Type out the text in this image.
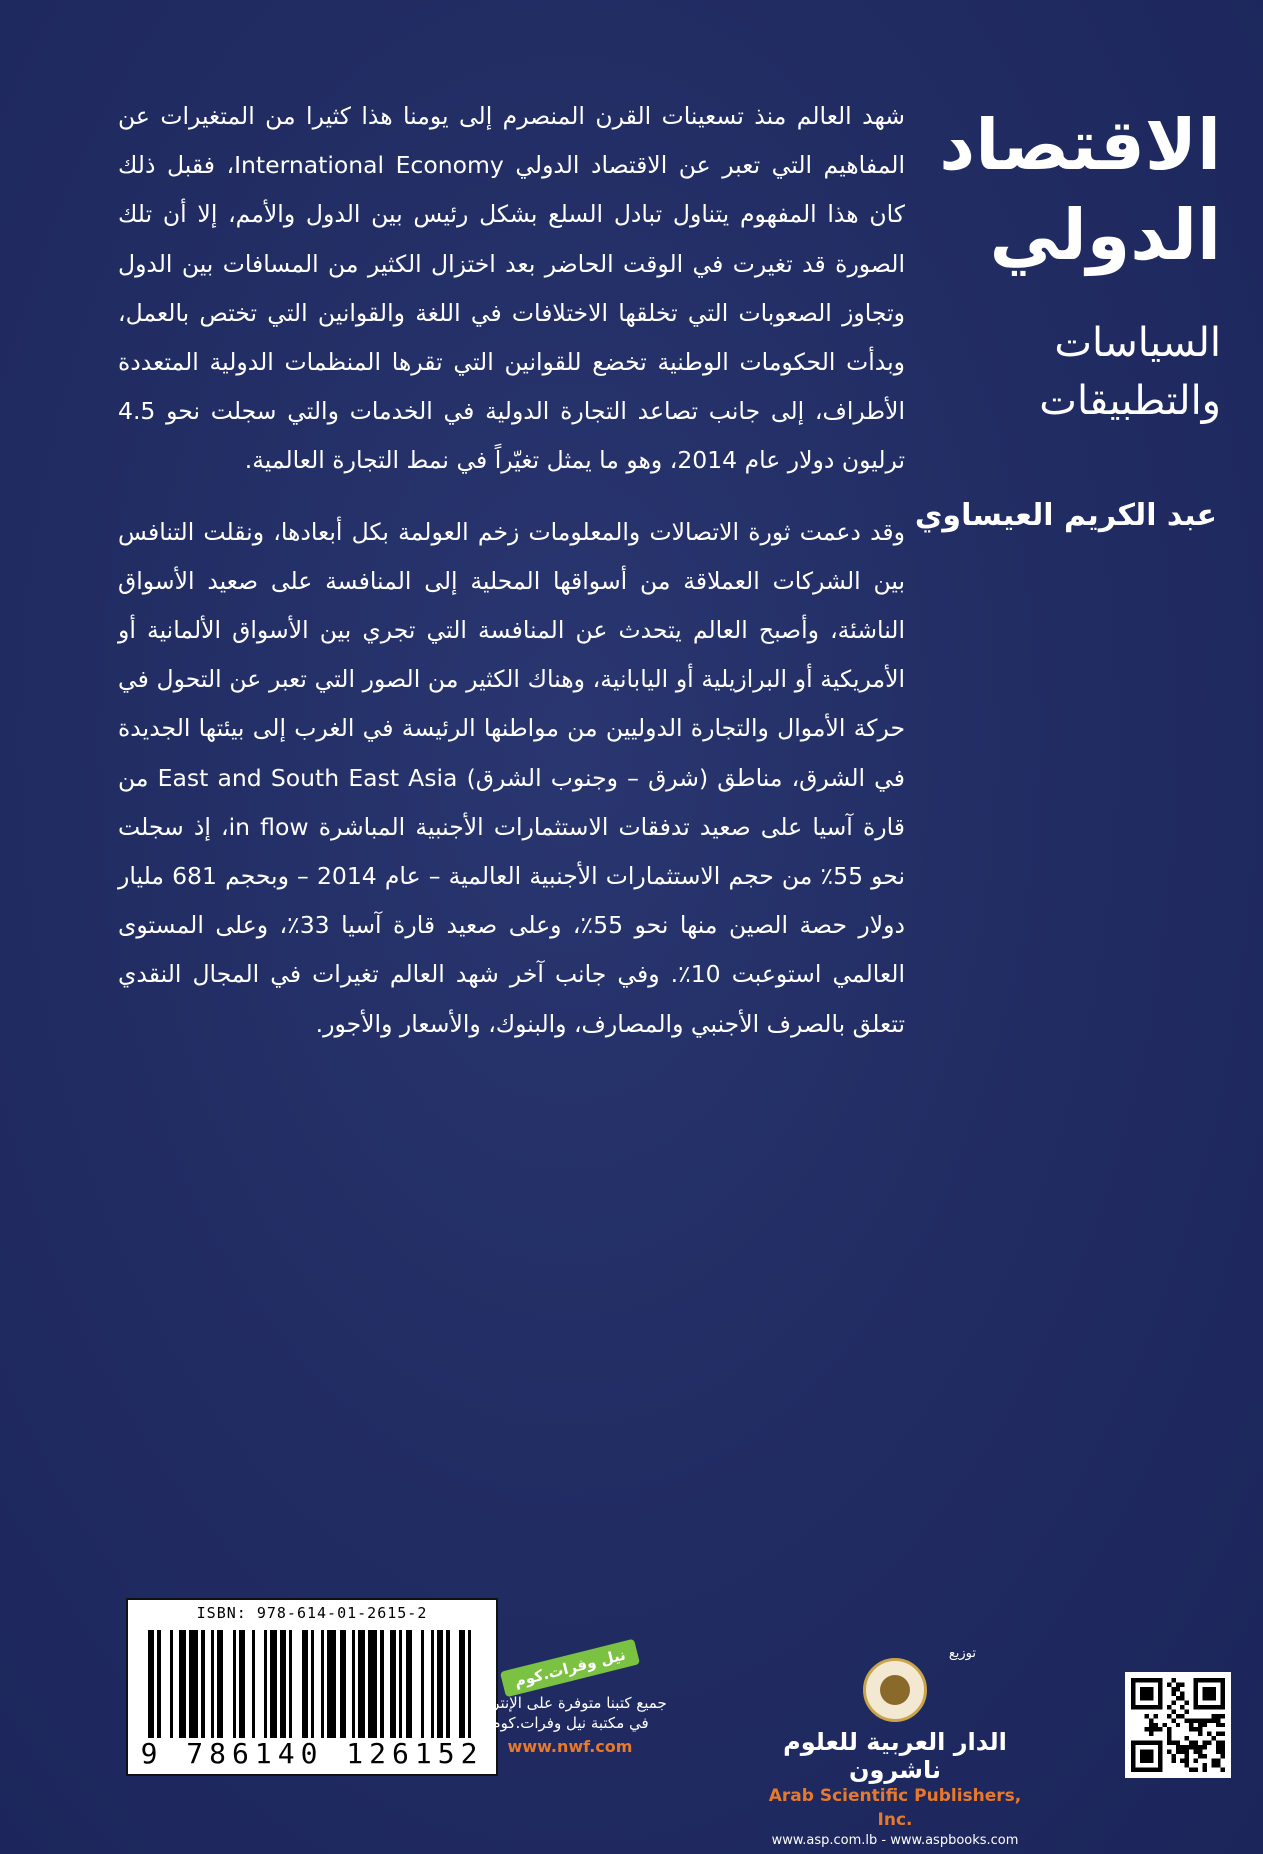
الاقتصاد
الدولي
السياسات
والتطبيقات
عبد الكريم العيساوي

شهد العالم منذ تسعينات القرن المنصرم إلى يومنا هذا كثيرا من المتغيرات عن المفاهيم التي تعبر عن الاقتصاد الدولي International Economy، فقبل ذلك كان هذا المفهوم يتناول تبادل السلع بشكل رئيس بين الدول والأمم، إلا أن تلك الصورة قد تغيرت في الوقت الحاضر بعد اختزال الكثير من المسافات بين الدول وتجاوز الصعوبات التي تخلقها الاختلافات في اللغة والقوانين التي تختص بالعمل، وبدأت الحكومات الوطنية تخضع للقوانين التي تقرها المنظمات الدولية المتعددة الأطراف، إلى جانب تصاعد التجارة الدولية في الخدمات والتي سجلت نحو 4.5 ترليون دولار عام 2014، وهو ما يمثل تغيّراً في نمط التجارة العالمية.

وقد دعمت ثورة الاتصالات والمعلومات زخم العولمة بكل أبعادها، ونقلت التنافس بين الشركات العملاقة من أسواقها المحلية إلى المنافسة على صعيد الأسواق الناشئة، وأصبح العالم يتحدث عن المنافسة التي تجري بين الأسواق الألمانية أو الأمريكية أو البرازيلية أو اليابانية، وهناك الكثير من الصور التي تعبر عن التحول في حركة الأموال والتجارة الدوليين من مواطنها الرئيسة في الغرب إلى بيئتها الجديدة في الشرق، مناطق (شرق – وجنوب الشرق) East and South East Asia من قارة آسيا على صعيد تدفقات الاستثمارات الأجنبية المباشرة in flow، إذ سجلت نحو 55٪ من حجم الاستثمارات الأجنبية العالمية – عام 2014 – وبحجم 681 مليار دولار حصة الصين منها نحو 55٪، وعلى صعيد قارة آسيا 33٪، وعلى المستوى العالمي استوعبت 10٪. وفي جانب آخر شهد العالم تغيرات في المجال النقدي تتعلق بالصرف الأجنبي والمصارف، والبنوك، والأسعار والأجور.

ISBN: 978-614-01-2615-2
9 786140 126152
نيل وفرات.كوم
جميع كتبنا متوفرة على الإنترنت
في مكتبة نيل وفرات.كوم
www.nwf.com
توزيع
الدار العربية للعلوم ناشرون
Arab Scientific Publishers, Inc.
www.asp.com.lb - www.aspbooks.com
